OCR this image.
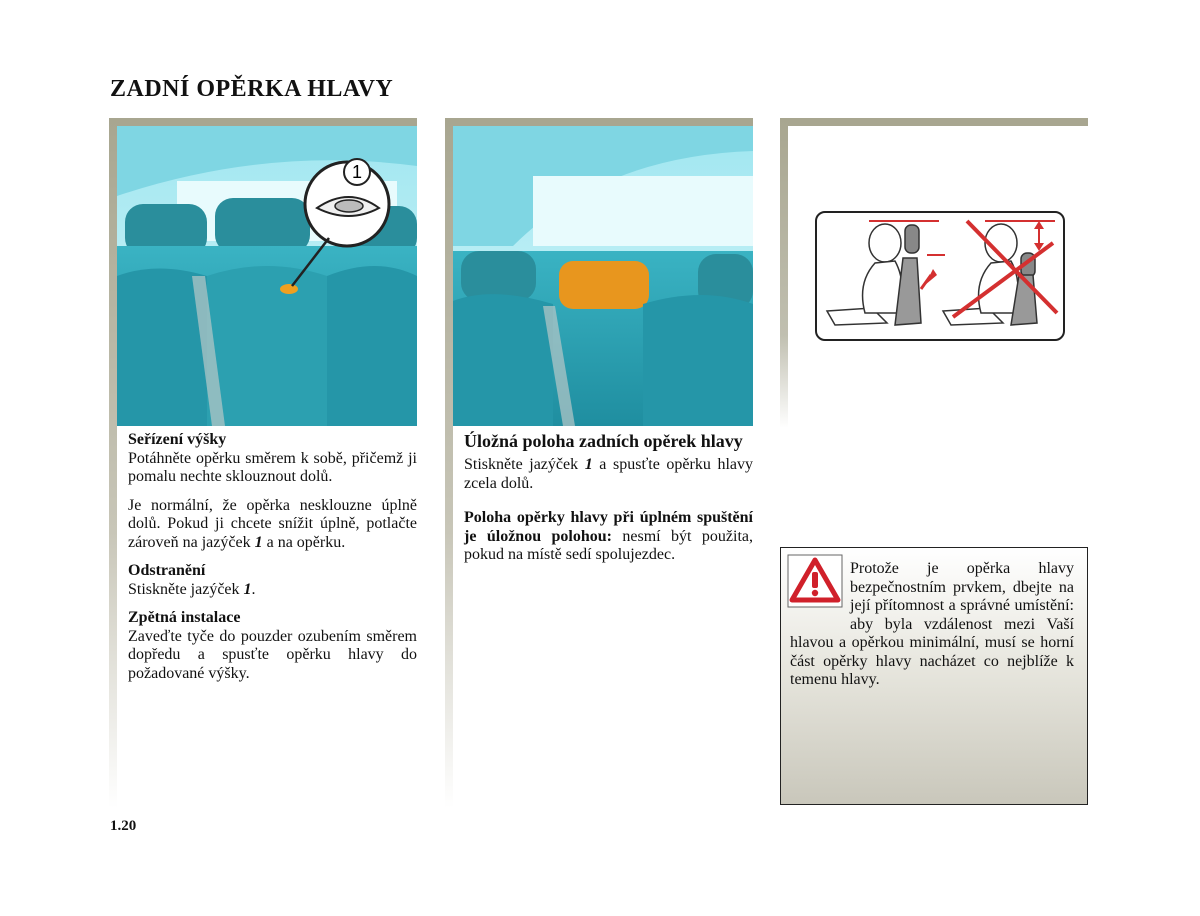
ZADNÍ OPĚRKA HLAVY
1
Seřízení výšky

Potáhněte opěrku směrem k sobě, přičemž ji pomalu nechte sklouznout dolů.

Je normální, že opěrka nesklouzne úplně dolů. Pokud ji chcete snížit úplně, potlačte zároveň na jazýček 1 a na opěrku.

Odstranění

Stiskněte jazýček 1.

Zpětná instalace

Zaveďte tyče do pouzder ozubením směrem dopředu a spusťte opěrku hlavy do požadované výšky.

Úložná poloha zadních opěrek hlavy

Stiskněte jazýček 1 a spusťte opěrku hlavy zcela dolů.

Poloha opěrky hlavy při úplném spuštění je úložnou polohou: nesmí být použita, pokud na místě sedí spolujezdec.

Protože je opěrka hlavy bezpečnostním prvkem, dbejte na její přítomnost a správné umístění: aby byla vzdálenost mezi Vaší hlavou a opěrkou minimální, musí se horní část opěrky hlavy nacházet co nejblíže k temenu hlavy.
1.20
